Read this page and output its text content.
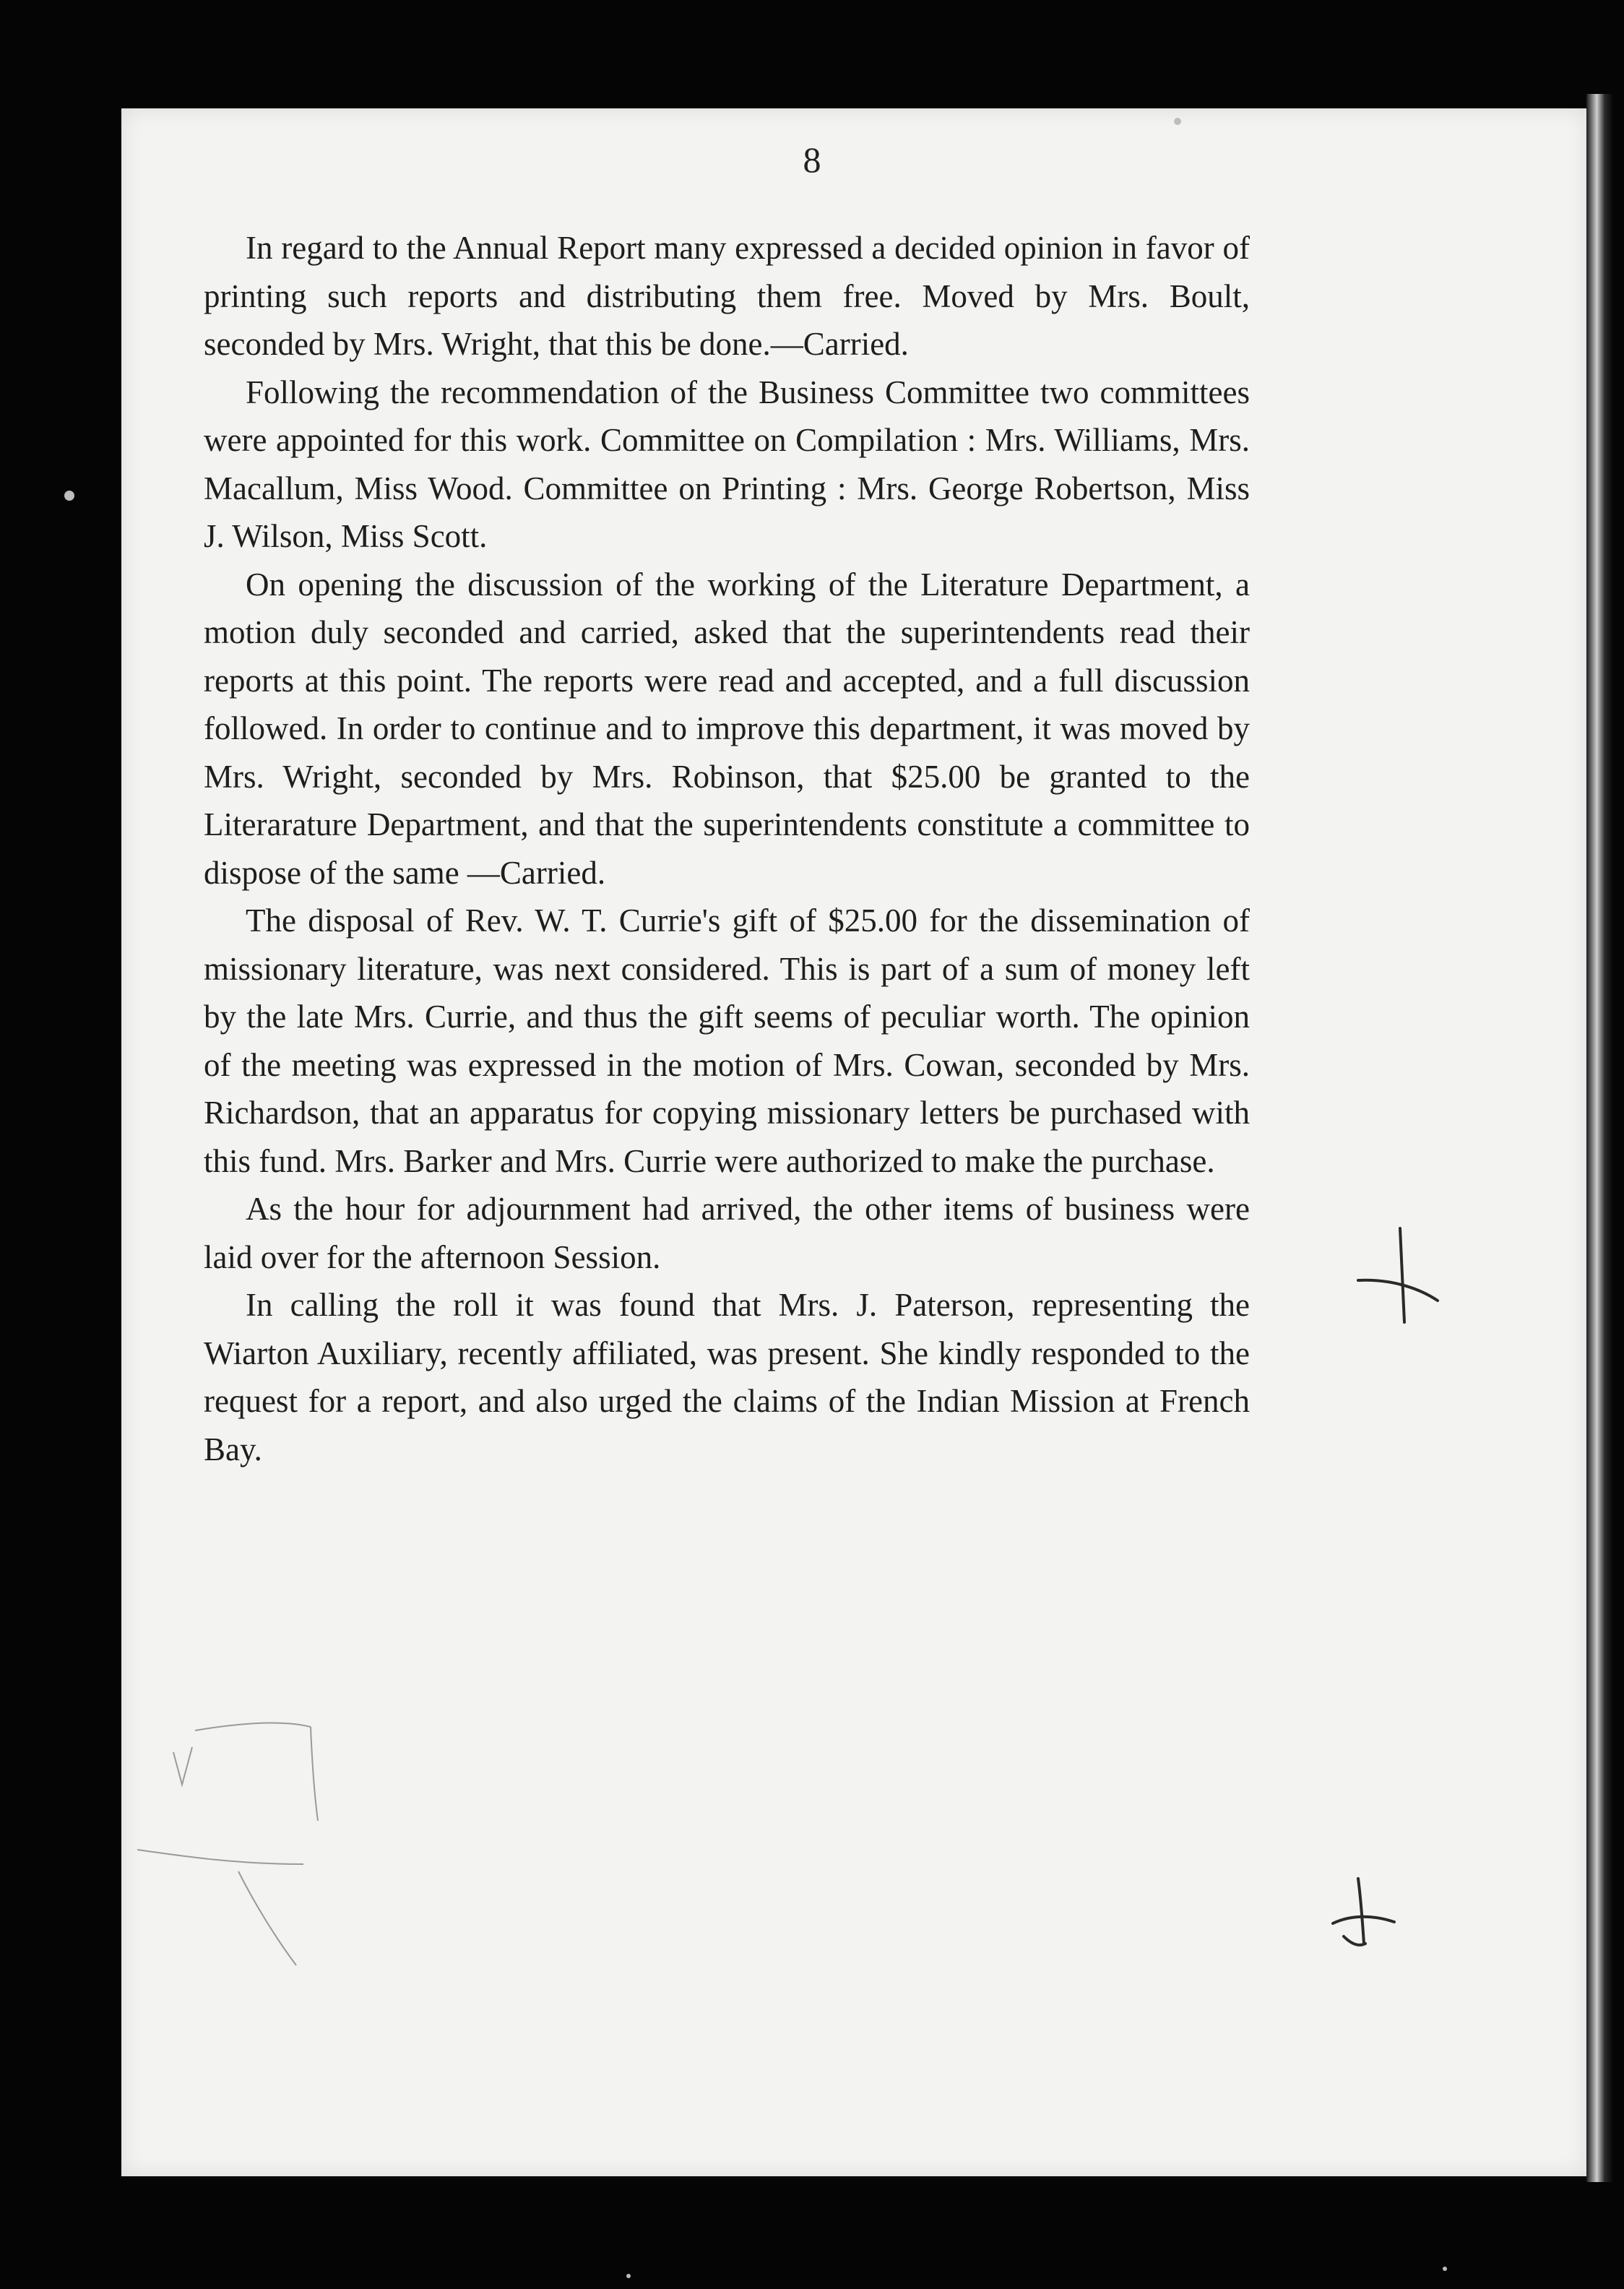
8

In regard to the Annual Report many expressed a decided opinion in favor of printing such reports and distributing them free. Moved by Mrs. Boult, seconded by Mrs. Wright, that this be done.—Carried.

Following the recommendation of the Business Committee two committees were appointed for this work. Committee on Compilation : Mrs. Williams, Mrs. Macallum, Miss Wood. Committee on Printing : Mrs. George Robertson, Miss J. Wilson, Miss Scott.

On opening the discussion of the working of the Literature Department, a motion duly seconded and carried, asked that the superintendents read their reports at this point. The reports were read and accepted, and a full discussion followed. In order to continue and to improve this department, it was moved by Mrs. Wright, seconded by Mrs. Robinson, that $25.00 be granted to the Literarature Department, and that the superintendents constitute a committee to dispose of the same —Carried.

The disposal of Rev. W. T. Currie's gift of $25.00 for the dissemination of missionary literature, was next considered. This is part of a sum of money left by the late Mrs. Currie, and thus the gift seems of peculiar worth. The opinion of the meeting was expressed in the motion of Mrs. Cowan, seconded by Mrs. Richardson, that an apparatus for copying missionary letters be purchased with this fund. Mrs. Barker and Mrs. Currie were authorized to make the purchase.

As the hour for adjournment had arrived, the other items of business were laid over for the afternoon Session.

In calling the roll it was found that Mrs. J. Paterson, representing the Wiarton Auxiliary, recently affiliated, was present. She kindly responded to the request for a report, and also urged the claims of the Indian Mission at French Bay.
